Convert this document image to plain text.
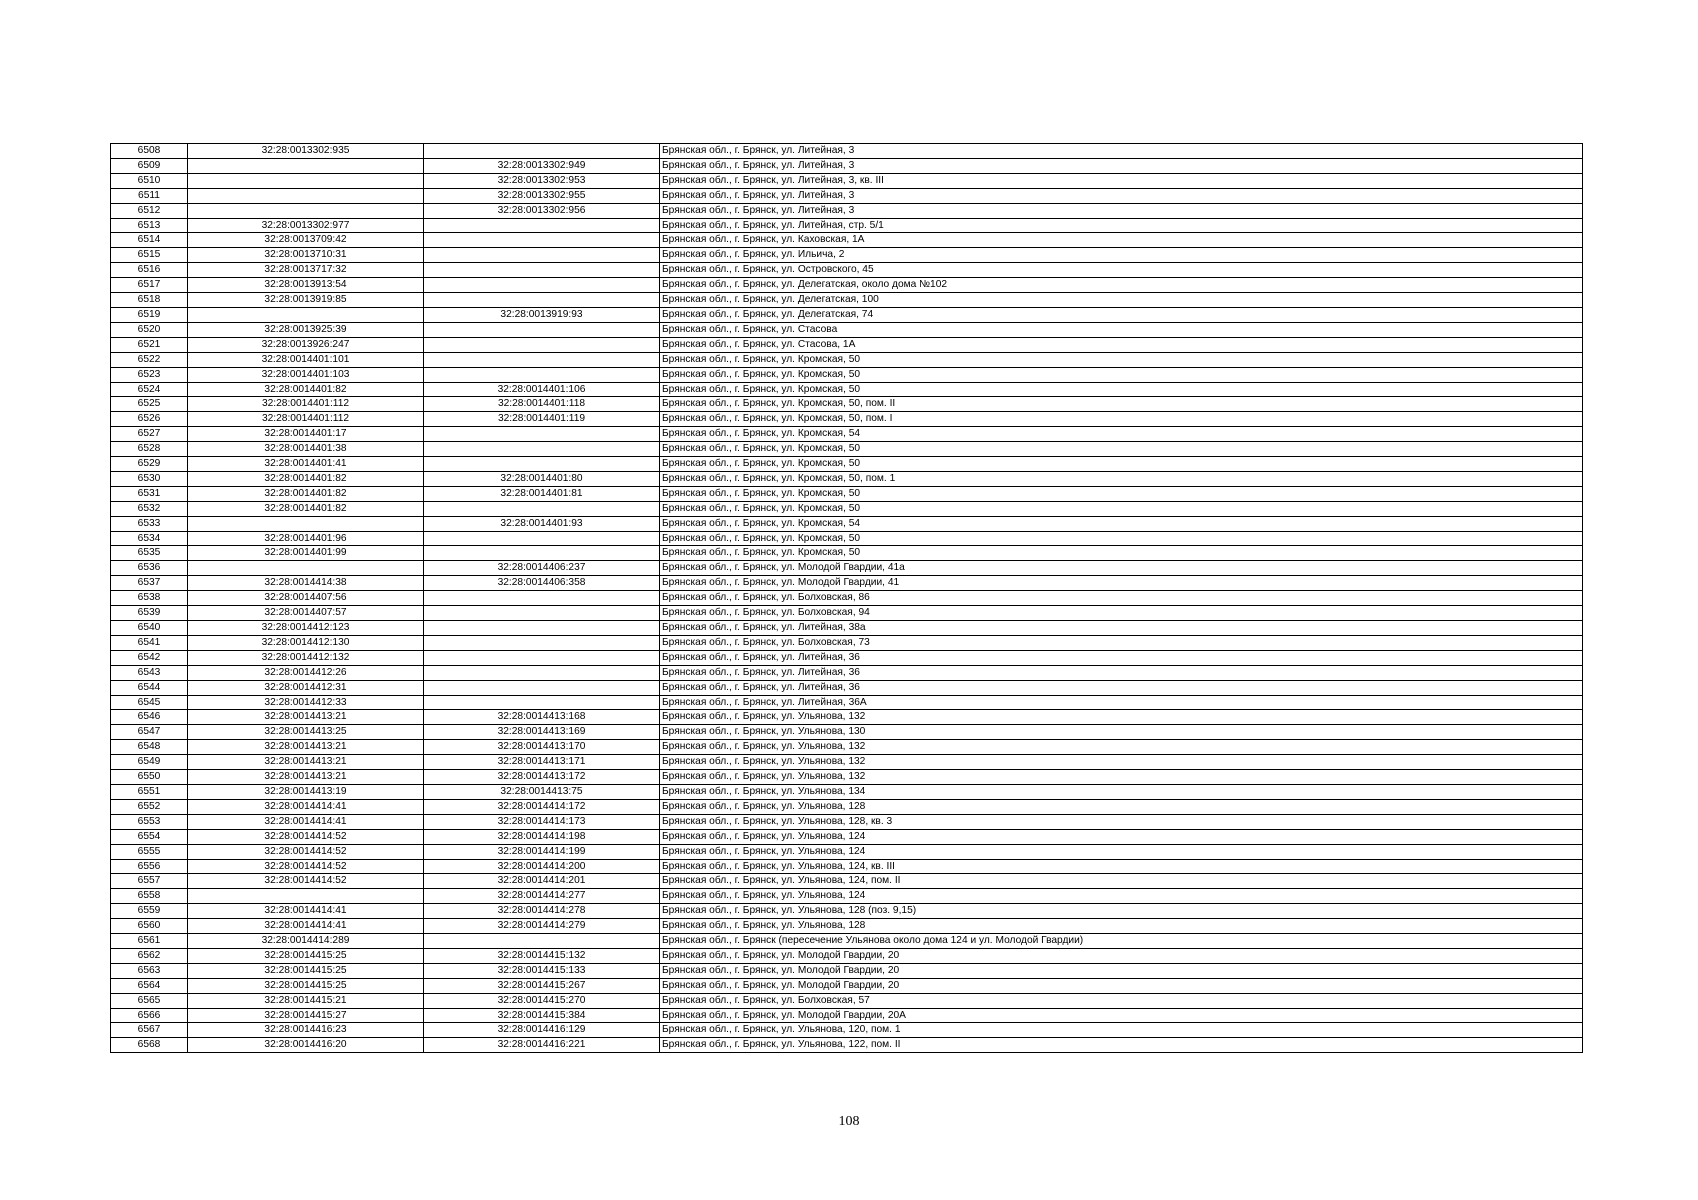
6508	32:28:0013302:935		Брянская обл., г. Брянск, ул. Литейная, 3
6509		32:28:0013302:949	Брянская обл., г. Брянск, ул. Литейная, 3
6510		32:28:0013302:953	Брянская обл., г. Брянск, ул. Литейная, 3, кв. III
6511		32:28:0013302:955	Брянская обл., г. Брянск, ул. Литейная, 3
6512		32:28:0013302:956	Брянская обл., г. Брянск, ул. Литейная, 3
6513	32:28:0013302:977		Брянская обл., г. Брянск, ул. Литейная, стр. 5/1
6514	32:28:0013709:42		Брянская обл., г. Брянск, ул. Каховская, 1А
6515	32:28:0013710:31		Брянская обл., г. Брянск, ул. Ильича, 2
6516	32:28:0013717:32		Брянская обл., г. Брянск, ул. Островского, 45
6517	32:28:0013913:54		Брянская обл., г. Брянск, ул. Делегатская, около дома №102
6518	32:28:0013919:85		Брянская обл., г. Брянск, ул. Делегатская, 100
6519		32:28:0013919:93	Брянская обл., г. Брянск, ул. Делегатская, 74
6520	32:28:0013925:39		Брянская обл., г. Брянск, ул. Стасова
6521	32:28:0013926:247		Брянская обл., г. Брянск, ул. Стасова, 1А
6522	32:28:0014401:101		Брянская обл., г. Брянск, ул. Кромская, 50
6523	32:28:0014401:103		Брянская обл., г. Брянск, ул. Кромская, 50
6524	32:28:0014401:82	32:28:0014401:106	Брянская обл., г. Брянск, ул. Кромская, 50
6525	32:28:0014401:112	32:28:0014401:118	Брянская обл., г. Брянск, ул. Кромская, 50, пом. II
6526	32:28:0014401:112	32:28:0014401:119	Брянская обл., г. Брянск, ул. Кромская, 50, пом. I
6527	32:28:0014401:17		Брянская обл., г. Брянск, ул. Кромская, 54
6528	32:28:0014401:38		Брянская обл., г. Брянск, ул. Кромская, 50
6529	32:28:0014401:41		Брянская обл., г. Брянск, ул. Кромская, 50
6530	32:28:0014401:82	32:28:0014401:80	Брянская обл., г. Брянск, ул. Кромская, 50, пом. 1
6531	32:28:0014401:82	32:28:0014401:81	Брянская обл., г. Брянск, ул. Кромская, 50
6532	32:28:0014401:82		Брянская обл., г. Брянск, ул. Кромская, 50
6533		32:28:0014401:93	Брянская обл., г. Брянск, ул. Кромская, 54
6534	32:28:0014401:96		Брянская обл., г. Брянск, ул. Кромская, 50
6535	32:28:0014401:99		Брянская обл., г. Брянск, ул. Кромская, 50
6536		32:28:0014406:237	Брянская обл., г. Брянск, ул. Молодой Гвардии, 41а
6537	32:28:0014414:38	32:28:0014406:358	Брянская обл., г. Брянск, ул. Молодой Гвардии, 41
6538	32:28:0014407:56		Брянская обл., г. Брянск, ул. Болховская, 86
6539	32:28:0014407:57		Брянская обл., г. Брянск, ул. Болховская, 94
6540	32:28:0014412:123		Брянская обл., г. Брянск, ул. Литейная, 38а
6541	32:28:0014412:130		Брянская обл., г. Брянск, ул. Болховская, 73
6542	32:28:0014412:132		Брянская обл., г. Брянск, ул. Литейная, 36
6543	32:28:0014412:26		Брянская обл., г. Брянск, ул. Литейная, 36
6544	32:28:0014412:31		Брянская обл., г. Брянск, ул. Литейная, 36
6545	32:28:0014412:33		Брянская обл., г. Брянск, ул. Литейная, 36А
6546	32:28:0014413:21	32:28:0014413:168	Брянская обл., г. Брянск, ул. Ульянова, 132
6547	32:28:0014413:25	32:28:0014413:169	Брянская обл., г. Брянск, ул. Ульянова, 130
6548	32:28:0014413:21	32:28:0014413:170	Брянская обл., г. Брянск, ул. Ульянова, 132
6549	32:28:0014413:21	32:28:0014413:171	Брянская обл., г. Брянск, ул. Ульянова, 132
6550	32:28:0014413:21	32:28:0014413:172	Брянская обл., г. Брянск, ул. Ульянова, 132
6551	32:28:0014413:19	32:28:0014413:75	Брянская обл., г. Брянск, ул. Ульянова, 134
6552	32:28:0014414:41	32:28:0014414:172	Брянская обл., г. Брянск, ул. Ульянова, 128
6553	32:28:0014414:41	32:28:0014414:173	Брянская обл., г. Брянск, ул. Ульянова, 128, кв. 3
6554	32:28:0014414:52	32:28:0014414:198	Брянская обл., г. Брянск, ул. Ульянова, 124
6555	32:28:0014414:52	32:28:0014414:199	Брянская обл., г. Брянск, ул. Ульянова, 124
6556	32:28:0014414:52	32:28:0014414:200	Брянская обл., г. Брянск, ул. Ульянова, 124, кв. III
6557	32:28:0014414:52	32:28:0014414:201	Брянская обл., г. Брянск, ул. Ульянова, 124, пом. II
6558		32:28:0014414:277	Брянская обл., г. Брянск, ул. Ульянова, 124
6559	32:28:0014414:41	32:28:0014414:278	Брянская обл., г. Брянск, ул. Ульянова, 128 (поз. 9,15)
6560	32:28:0014414:41	32:28:0014414:279	Брянская обл., г. Брянск, ул. Ульянова, 128
6561	32:28:0014414:289		Брянская обл., г. Брянск (пересечение Ульянова около дома 124 и ул. Молодой Гвардии)
6562	32:28:0014415:25	32:28:0014415:132	Брянская обл., г. Брянск, ул. Молодой Гвардии, 20
6563	32:28:0014415:25	32:28:0014415:133	Брянская обл., г. Брянск, ул. Молодой Гвардии, 20
6564	32:28:0014415:25	32:28:0014415:267	Брянская обл., г. Брянск, ул. Молодой Гвардии, 20
6565	32:28:0014415:21	32:28:0014415:270	Брянская обл., г. Брянск, ул. Болховская, 57
6566	32:28:0014415:27	32:28:0014415:384	Брянская обл., г. Брянск, ул. Молодой Гвардии, 20А
6567	32:28:0014416:23	32:28:0014416:129	Брянская обл., г. Брянск, ул. Ульянова, 120, пом. 1
6568	32:28:0014416:20	32:28:0014416:221	Брянская обл., г. Брянск, ул. Ульянова, 122, пом. II
108
